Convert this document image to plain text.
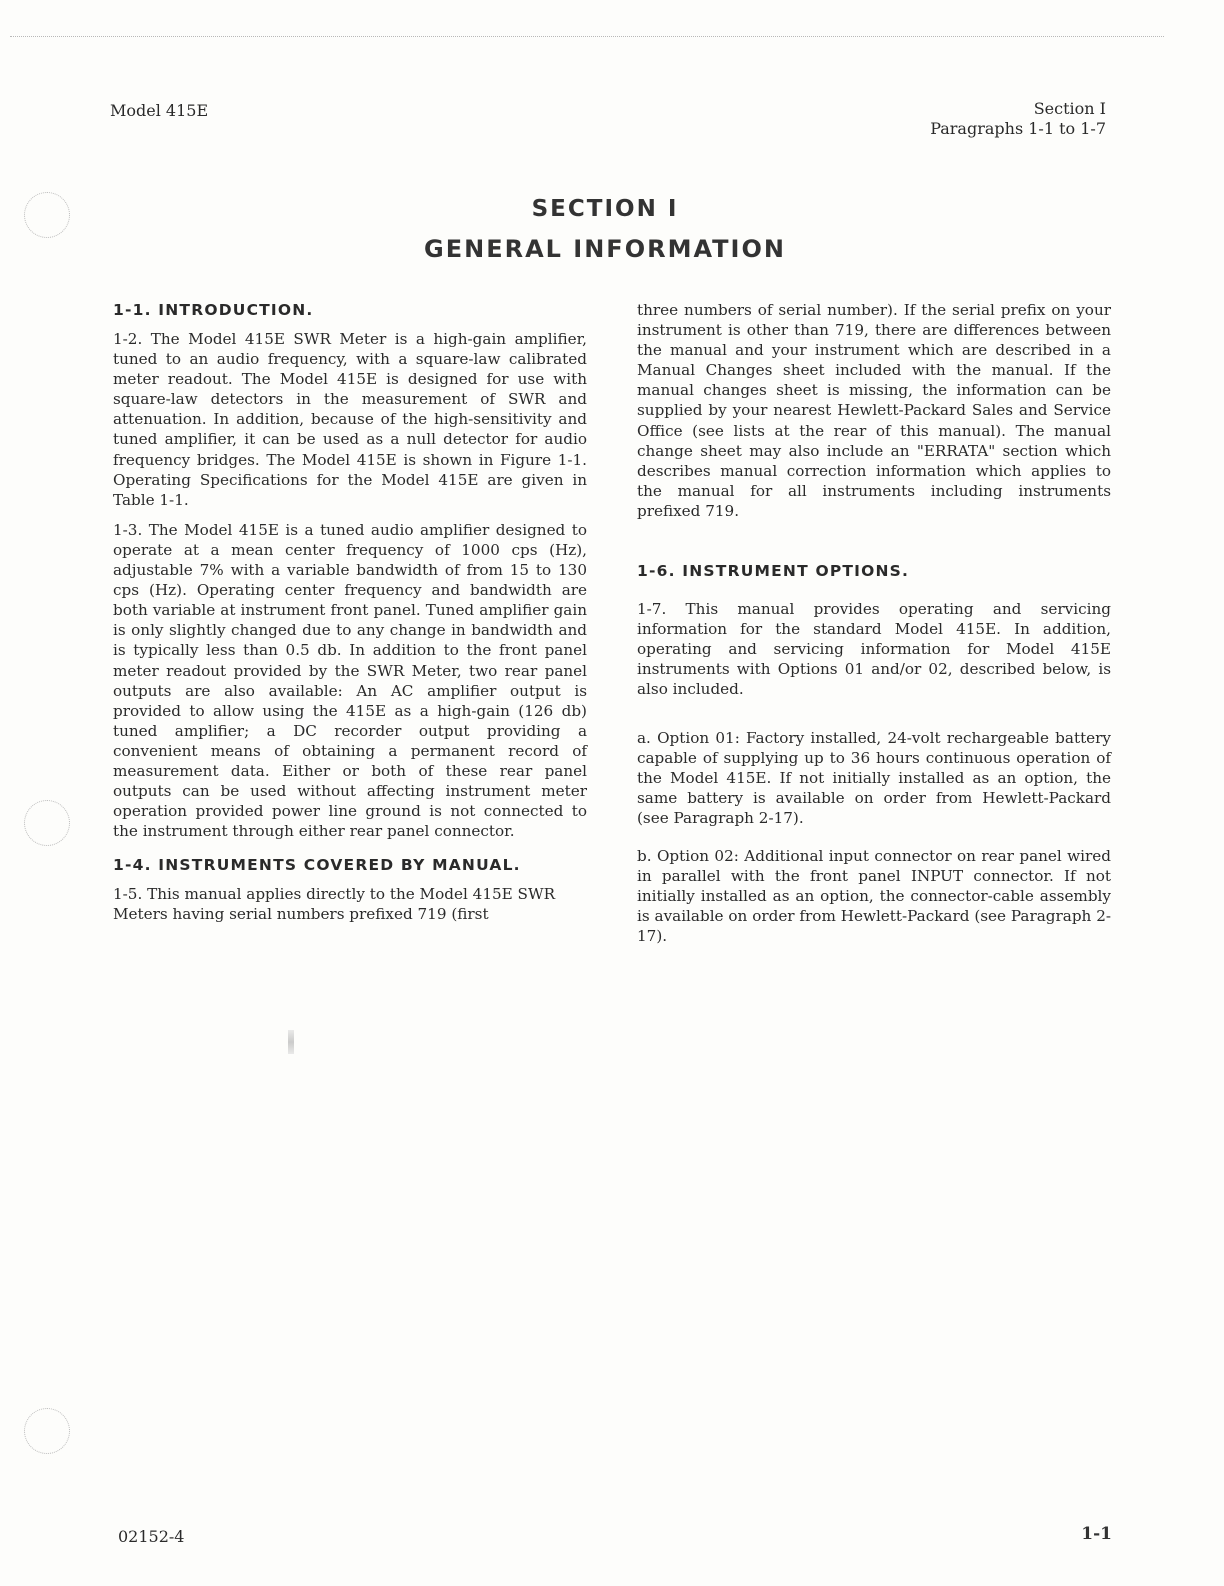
Model 415E	Section I
Paragraphs 1-1 to 1-7
SECTION I
GENERAL INFORMATION
1-1. INTRODUCTION.

1-2. The Model 415E SWR Meter is a high-gain amplifier, tuned to an audio frequency, with a square-law calibrated meter readout. The Model 415E is designed for use with square-law detectors in the measurement of SWR and attenuation. In addition, because of the high-sensitivity and tuned amplifier, it can be used as a null detector for audio frequency bridges. The Model 415E is shown in Figure 1-1. Operating Specifications for the Model 415E are given in Table 1-1.

1-3. The Model 415E is a tuned audio amplifier designed to operate at a mean center frequency of 1000 cps (Hz), adjustable 7% with a variable bandwidth of from 15 to 130 cps (Hz). Operating center frequency and bandwidth are both variable at instrument front panel. Tuned amplifier gain is only slightly changed due to any change in bandwidth and is typically less than 0.5 db. In addition to the front panel meter readout provided by the SWR Meter, two rear panel outputs are also available: An AC amplifier output is provided to allow using the 415E as a high-gain (126 db) tuned amplifier; a DC recorder output providing a convenient means of obtaining a permanent record of measurement data. Either or both of these rear panel outputs can be used without affecting instrument meter operation provided power line ground is not connected to the instrument through either rear panel connector.

1-4. INSTRUMENTS COVERED BY MANUAL.

1-5. This manual applies directly to the Model 415E SWR Meters having serial numbers prefixed 719 (first

three numbers of serial number). If the serial prefix on your instrument is other than 719, there are differences between the manual and your instrument which are described in a Manual Changes sheet included with the manual. If the manual changes sheet is missing, the information can be supplied by your nearest Hewlett-Packard Sales and Service Office (see lists at the rear of this manual). The manual change sheet may also include an "ERRATA" section which describes manual correction information which applies to the manual for all instruments including instruments prefixed 719.

1-6. INSTRUMENT OPTIONS.

1-7. This manual provides operating and servicing information for the standard Model 415E. In addition, operating and servicing information for Model 415E instruments with Options 01 and/or 02, described below, is also included.

a. Option 01: Factory installed, 24-volt rechargeable battery capable of supplying up to 36 hours continuous operation of the Model 415E. If not initially installed as an option, the same battery is available on order from Hewlett-Packard (see Paragraph 2-17).

b. Option 02: Additional input connector on rear panel wired in parallel with the front panel INPUT connector. If not initially installed as an option, the connector-cable assembly is available on order from Hewlett-Packard (see Paragraph 2-17).

02152-4	1-1
